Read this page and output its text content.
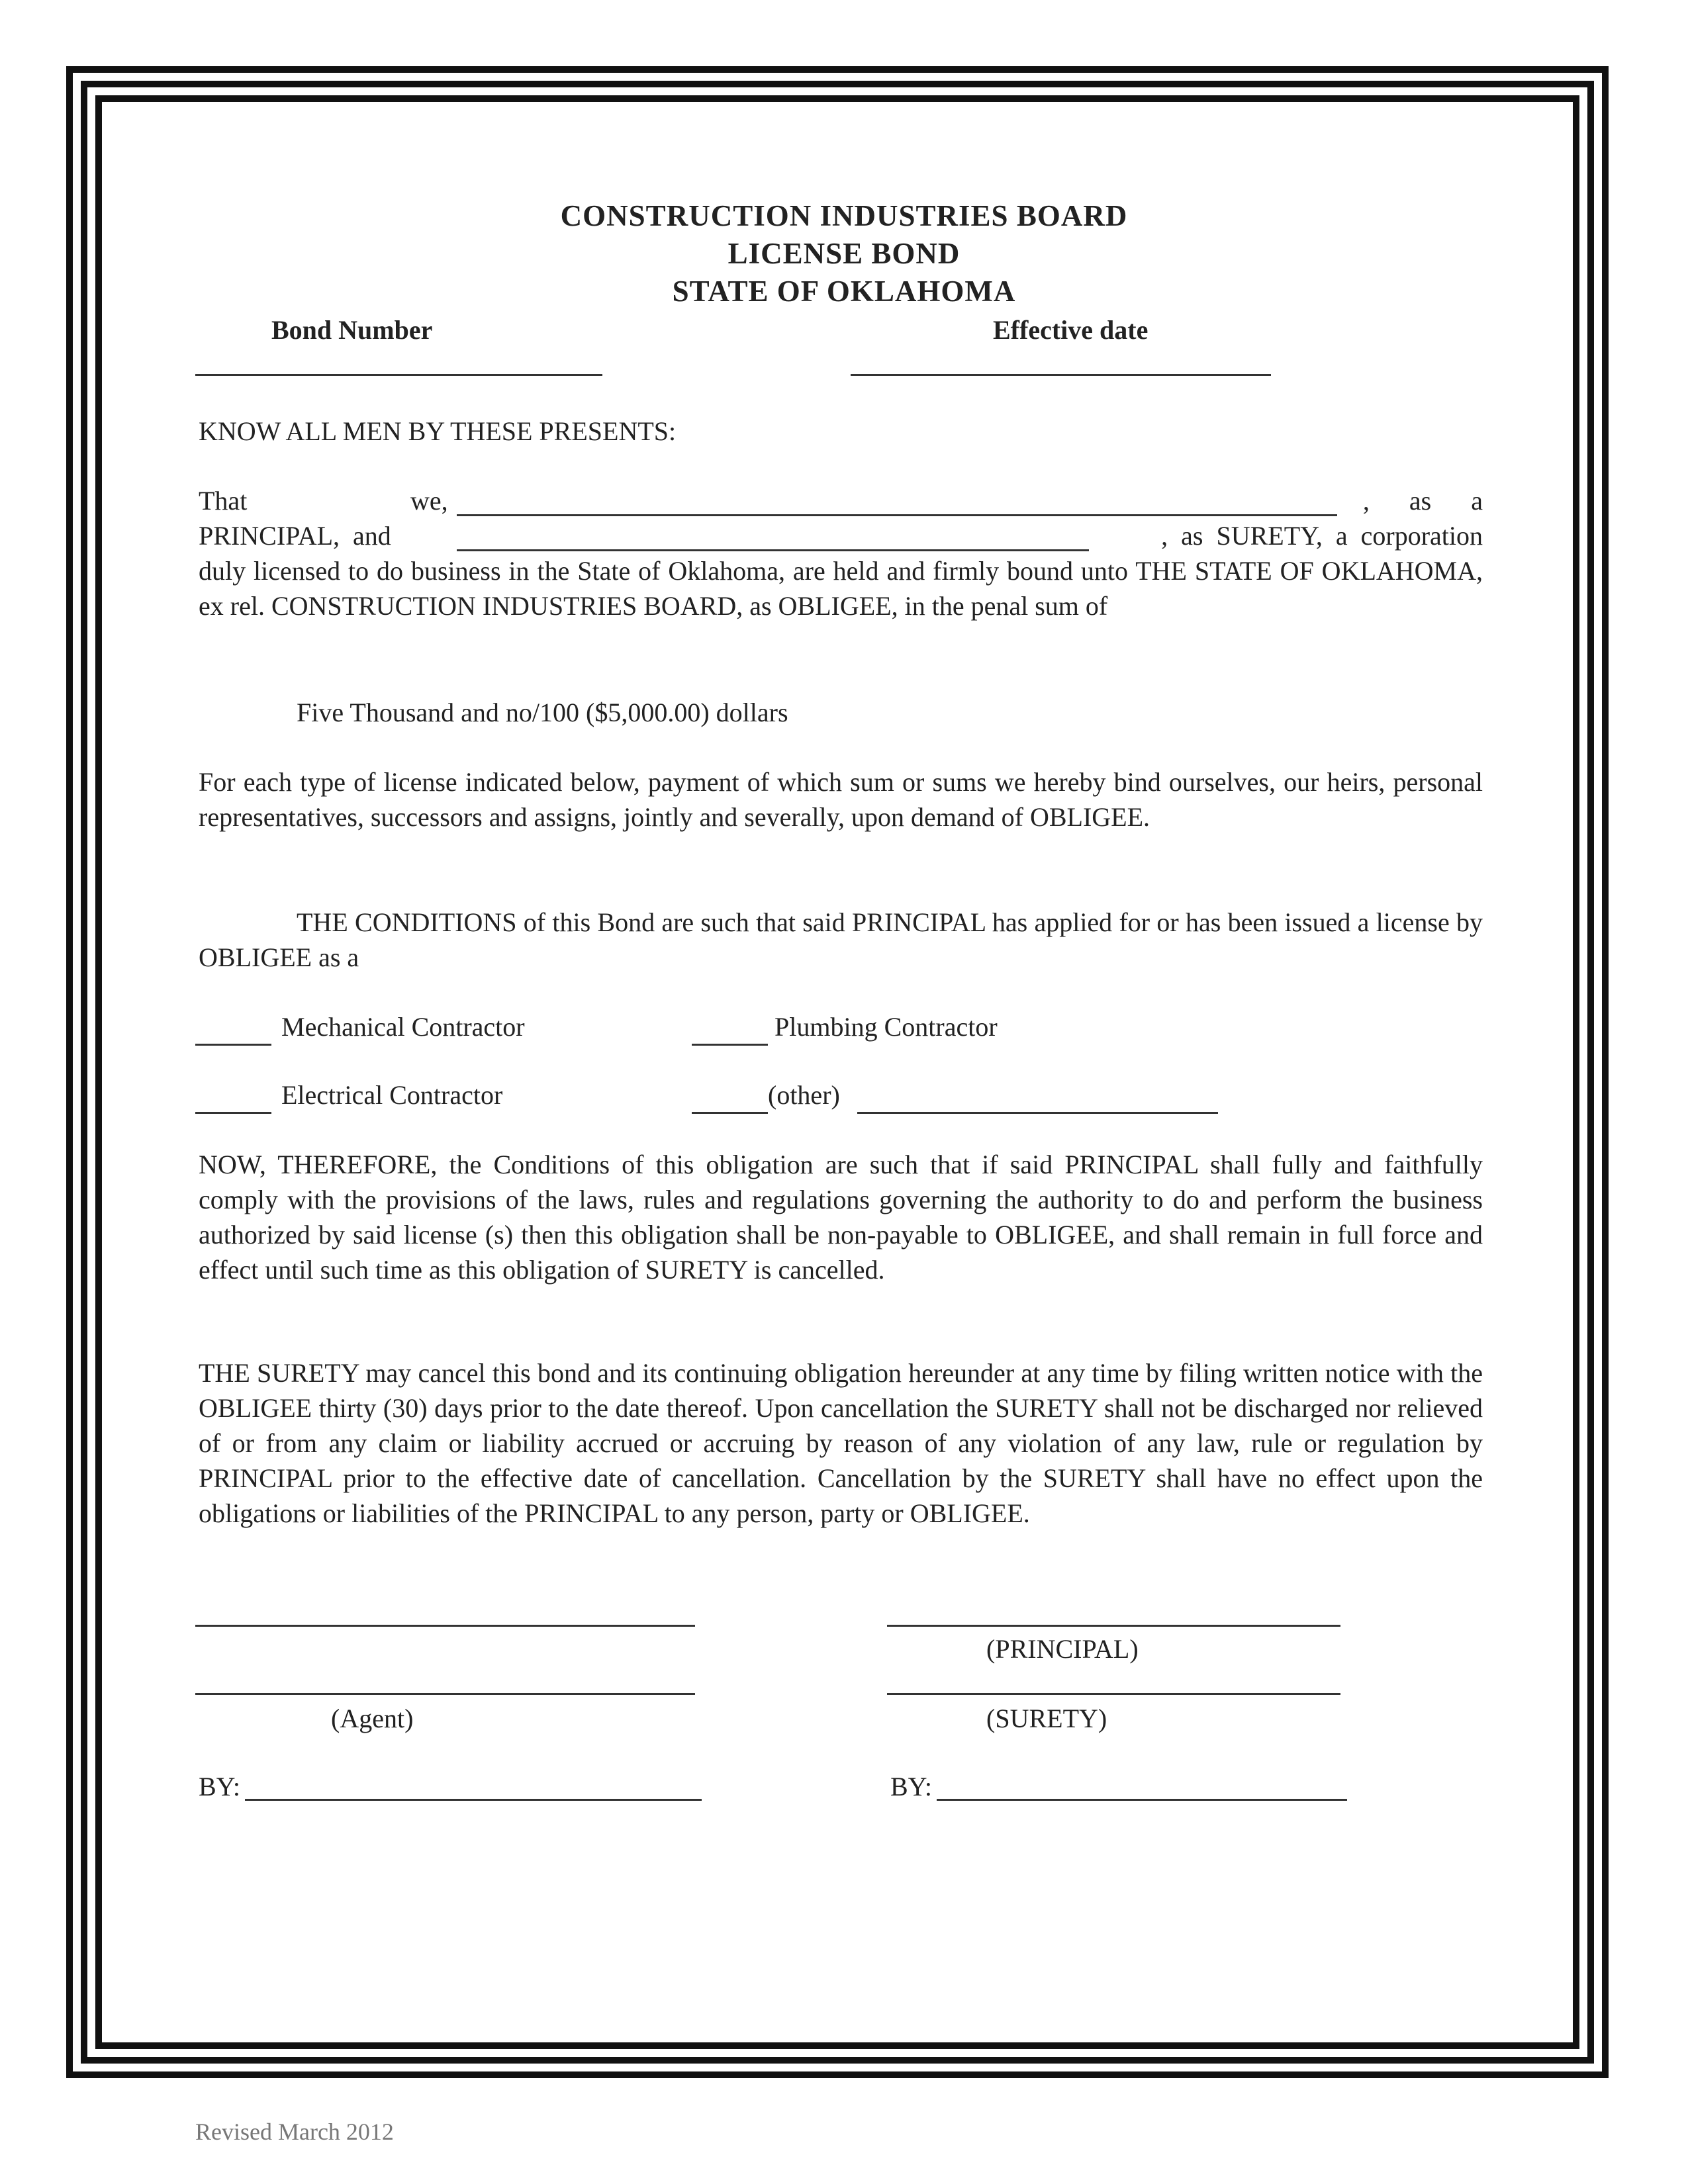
CONSTRUCTION INDUSTRIES BOARD
LICENSE BOND
STATE OF OKLAHOMA
Bond Number	Effective date
KNOW ALL MEN BY THESE PRESENTS:
That	we,	,      as      a
PRINCIPAL,  and	,  as  SURETY,  a  corporation
duly licensed to do business in the State of Oklahoma, are held and firmly bound unto THE STATE OF OKLAHOMA, ex rel. CONSTRUCTION INDUSTRIES BOARD, as OBLIGEE, in the penal sum of
Five Thousand and no/100 ($5,000.00) dollars
For each type of license indicated below, payment of which sum or sums we hereby bind ourselves, our heirs, personal representatives, successors and assigns, jointly and severally, upon demand of OBLIGEE.
THE CONDITIONS of this Bond are such that said PRINCIPAL has applied for or has been issued a license by OBLIGEE as a
Mechanical Contractor	Plumbing Contractor
Electrical Contractor	(other)
NOW, THEREFORE, the Conditions of this obligation are such that if said PRINCIPAL shall fully and faithfully comply with the provisions of the laws, rules and regulations governing the authority to do and perform the business authorized by said license (s) then this obligation shall be non-payable to OBLIGEE, and shall remain in full force and effect until such time as this obligation of SURETY is cancelled.
THE SURETY may cancel this bond and its continuing obligation hereunder at any time by filing written notice with the OBLIGEE thirty (30) days prior to the date thereof. Upon cancellation the SURETY shall not be discharged nor relieved of or from any claim or liability accrued or accruing by reason of any violation of any law, rule or regulation by PRINCIPAL prior to the effective date of cancellation. Cancellation by the SURETY shall have no effect upon the obligations or liabilities of the PRINCIPAL to any person, party or OBLIGEE.
(PRINCIPAL)
(Agent)	(SURETY)
BY:	BY:
Revised March 2012
